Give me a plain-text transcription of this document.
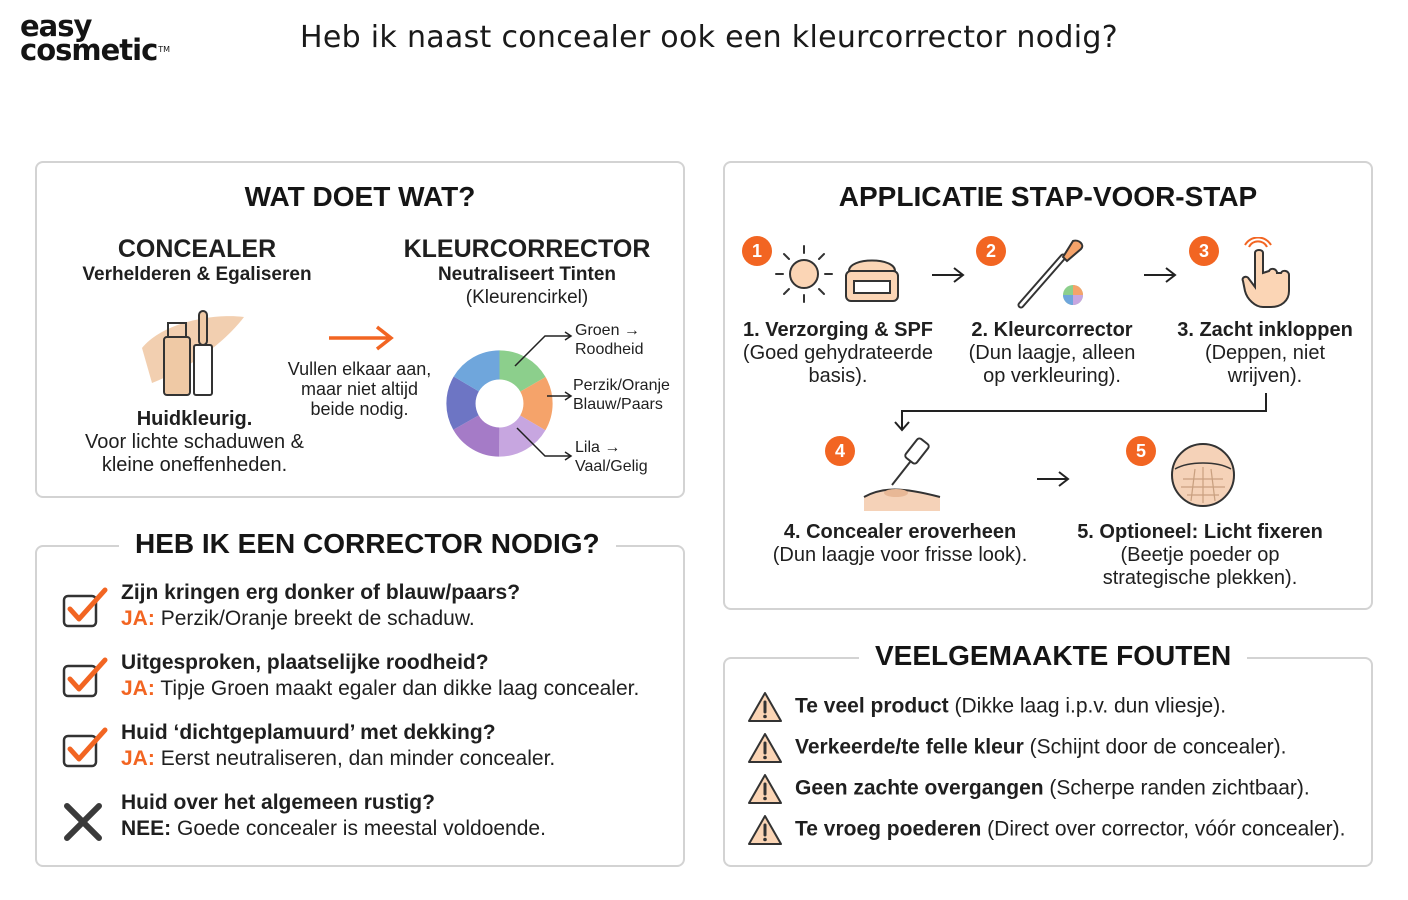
easy
cosmetic™	Heb ik naast concealer ook een kleurcorrector nodig?
WAT DOET WAT?
CONCEALER
Verhelderen & Egaliseren
Huidkleurig.
Voor lichte schaduwen &
kleine oneffenheden.
Vullen elkaar aan,
maar niet altijd
beide nodig.
KLEURCORRECTOR
Neutraliseert Tinten
(Kleurencirkel)
Groen →
Roodheid
Perzik/Oranje
Blauw/Paars
Lila →
Vaal/Gelig
HEB IK EEN CORRECTOR NODIG?
Zijn kringen erg donker of blauw/paars?
JA: Perzik/Oranje breekt de schaduw.
Uitgesproken, plaatselijke roodheid?
JA: Tipje Groen maakt egaler dan dikke laag concealer.
Huid ‘dichtgeplamuurd’ met dekking?
JA: Eerst neutraliseren, dan minder concealer.
Huid over het algemeen rustig?
NEE: Goede concealer is meestal voldoende.
APPLICATIE STAP-VOOR-STAP
1
1. Verzorging & SPF
(Goed gehydrateerde
basis).
2
2. Kleurcorrector
(Dun laagje, alleen
op verkleuring).
3
3. Zacht inkloppen
(Deppen, niet
wrijven).
4
4. Concealer eroverheen
(Dun laagje voor frisse look).
5
5. Optioneel: Licht fixeren
(Beetje poeder op
strategische plekken).
VEELGEMAAKTE FOUTEN
Te veel product (Dikke laag i.p.v. dun vliesje).
Verkeerde/te felle kleur (Schijnt door de concealer).
Geen zachte overgangen (Scherpe randen zichtbaar).
Te vroeg poederen (Direct over corrector, vóór concealer).
